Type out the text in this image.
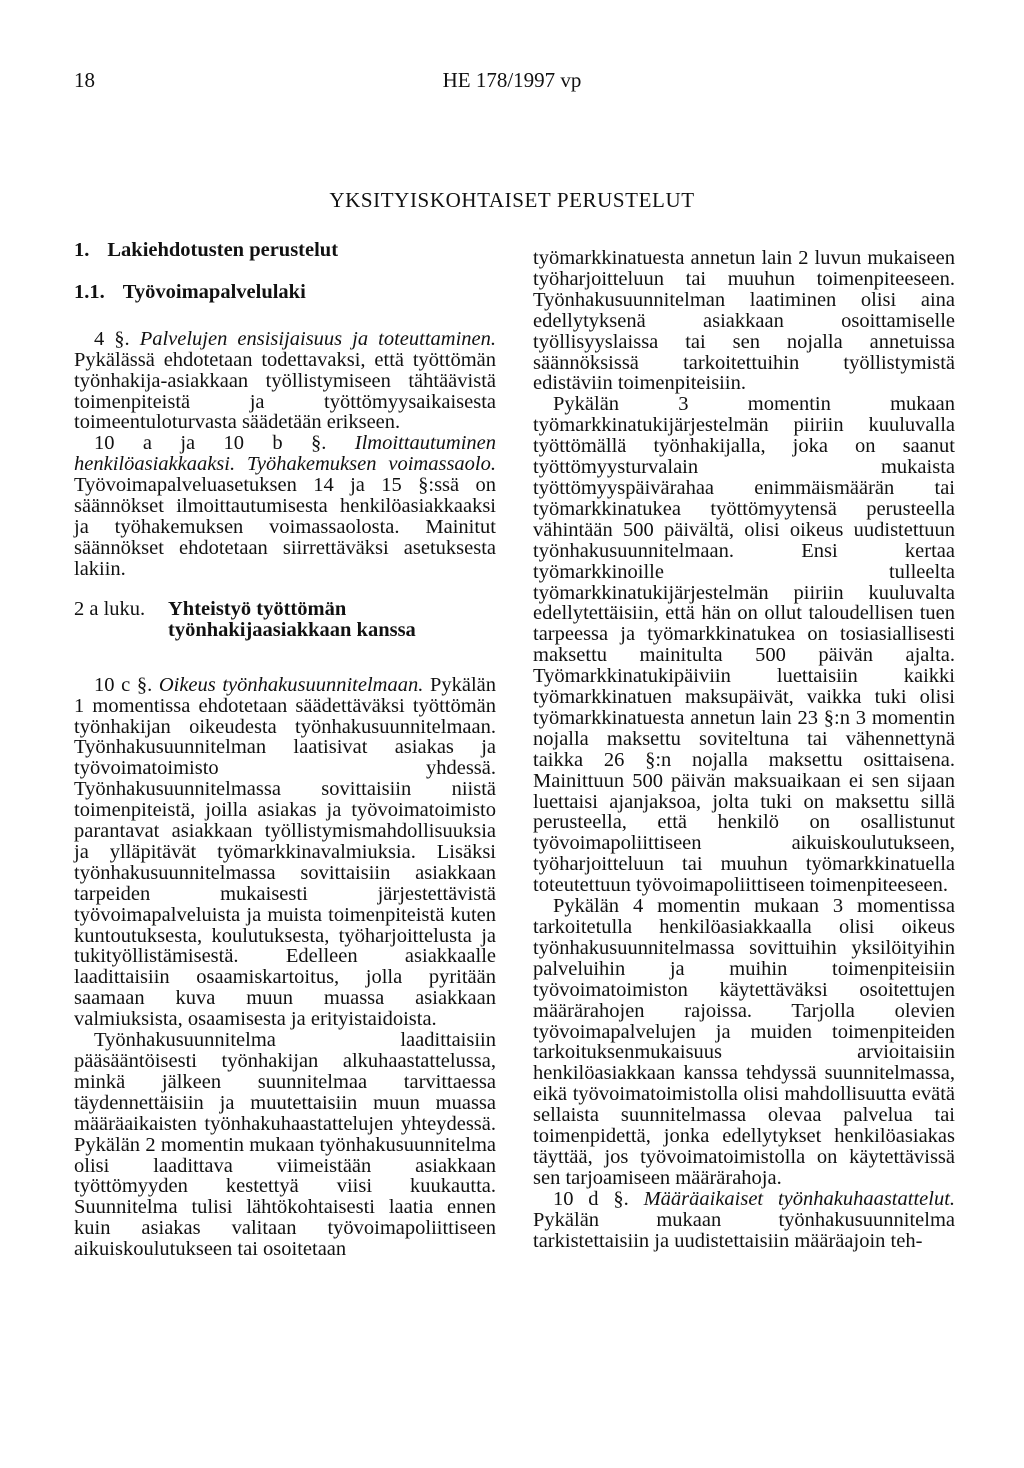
18	HE 178/1997 vp
YKSITYISKOHTAISET PERUSTELUT
1. Lakiehdotusten perustelut
1.1. Työvoimapalvelulaki

4 §. Palvelujen ensisijaisuus ja toteuttaminen. Pykälässä ehdotetaan todettavaksi, että työttömän työnhakija-asiakkaan työllistymiseen tähtäävistä toimenpiteistä ja työttömyysaikaisesta toimeentuloturvasta säädetään erikseen.

10 a ja 10 b §. Ilmoittautuminen henkilöasiakkaaksi. Työhakemuksen voimassaolo. Työvoimapalveluasetuksen 14 ja 15 §:ssä on säännökset ilmoittautumisesta henkilöasiakkaaksi ja työhakemuksen voimassaolosta. Mainitut säännökset ehdotetaan siirrettäväksi asetuksesta lakiin.

2 a luku.	Yhteistyö työttömän työnhakijaasiakkaan kanssa

10 c §. Oikeus työnhakusuunnitelmaan. Pykälän 1 momentissa ehdotetaan säädettäväksi työttömän työnhakijan oikeudesta työnhakusuunnitelmaan. Työnhakusuunnitelman laatisivat asiakas ja työvoimatoimisto yhdessä. Työnhakusuunnitelmassa sovittaisiin niistä toimenpiteistä, joilla asiakas ja työvoimatoimisto parantavat asiakkaan työllistymismahdollisuuksia ja ylläpitävät työmarkkinavalmiuksia. Lisäksi työnhakusuunnitelmassa sovittaisiin asiakkaan tarpeiden mukaisesti järjestettävistä työvoimapalveluista ja muista toimenpiteistä kuten kuntoutuksesta, koulutuksesta, työharjoittelusta ja tukityöllistämisestä. Edelleen asiakkaalle laadittaisiin osaamiskartoitus, jolla pyritään saamaan kuva muun muassa asiakkaan valmiuksista, osaamisesta ja erityistaidoista.

Työnhakusuunnitelma laadittaisiin pääsääntöisesti työnhakijan alkuhaastattelussa, minkä jälkeen suunnitelmaa tarvittaessa täydennettäisiin ja muutettaisiin muun muassa määräaikaisten työnhakuhaastattelujen yhteydessä. Pykälän 2 momentin mukaan työnhakusuunnitelma olisi laadittava viimeistään asiakkaan työttömyyden kestettyä viisi kuukautta. Suunnitelma tulisi lähtökohtaisesti laatia ennen kuin asiakas valitaan työvoimapoliittiseen aikuiskoulutukseen tai osoitetaan

työmarkkinatuesta annetun lain 2 luvun mukaiseen työharjoitteluun tai muuhun toimenpiteeseen. Työnhakusuunnitelman laatiminen olisi aina edellytyksenä asiakkaan osoittamiselle työllisyyslaissa tai sen nojalla annetuissa säännöksissä tarkoitettuihin työllistymistä edistäviin toimenpiteisiin.

Pykälän 3 momentin mukaan työmarkkinatukijärjestelmän piiriin kuuluvalla työttömällä työnhakijalla, joka on saanut työttömyysturvalain mukaista työttömyyspäivärahaa enimmäismäärän tai työmarkkinatukea työttömyytensä perusteella vähintään 500 päivältä, olisi oikeus uudistettuun työnhakusuunnitelmaan. Ensi kertaa työmarkkinoille tulleelta työmarkkinatukijärjestelmän piiriin kuuluvalta edellytettäisiin, että hän on ollut taloudellisen tuen tarpeessa ja työmarkkinatukea on tosiasiallisesti maksettu mainitulta 500 päivän ajalta. Työmarkkinatukipäiviin luettaisiin kaikki työmarkkinatuen maksupäivät, vaikka tuki olisi työmarkkinatuesta annetun lain 23 §:n 3 momentin nojalla maksettu soviteltuna tai vähennettynä taikka 26 §:n nojalla maksettu osittaisena. Mainittuun 500 päivän maksuaikaan ei sen sijaan luettaisi ajanjaksoa, jolta tuki on maksettu sillä perusteella, että henkilö on osallistunut työvoimapoliittiseen aikuiskoulutukseen, työharjoitteluun tai muuhun työmarkkinatuella toteutettuun työvoimapoliittiseen toimenpiteeseen.

Pykälän 4 momentin mukaan 3 momentissa tarkoitetulla henkilöasiakkaalla olisi oikeus työnhakusuunnitelmassa sovittuihin yksilöityihin palveluihin ja muihin toimenpiteisiin työvoimatoimiston käytettäväksi osoitettujen määrärahojen rajoissa. Tarjolla olevien työvoimapalvelujen ja muiden toimenpiteiden tarkoituksenmukaisuus arvioitaisiin henkilöasiakkaan kanssa tehdyssä suunnitelmassa, eikä työvoimatoimistolla olisi mahdollisuutta evätä sellaista suunnitelmassa olevaa palvelua tai toimenpidettä, jonka edellytykset henkilöasiakas täyttää, jos työvoimatoimistolla on käytettävissä sen tarjoamiseen määrärahoja.

10 d §. Määräaikaiset työnhakuhaastattelut. Pykälän mukaan työnhakusuunnitelma tarkistettaisiin ja uudistettaisiin määräajoin teh-
